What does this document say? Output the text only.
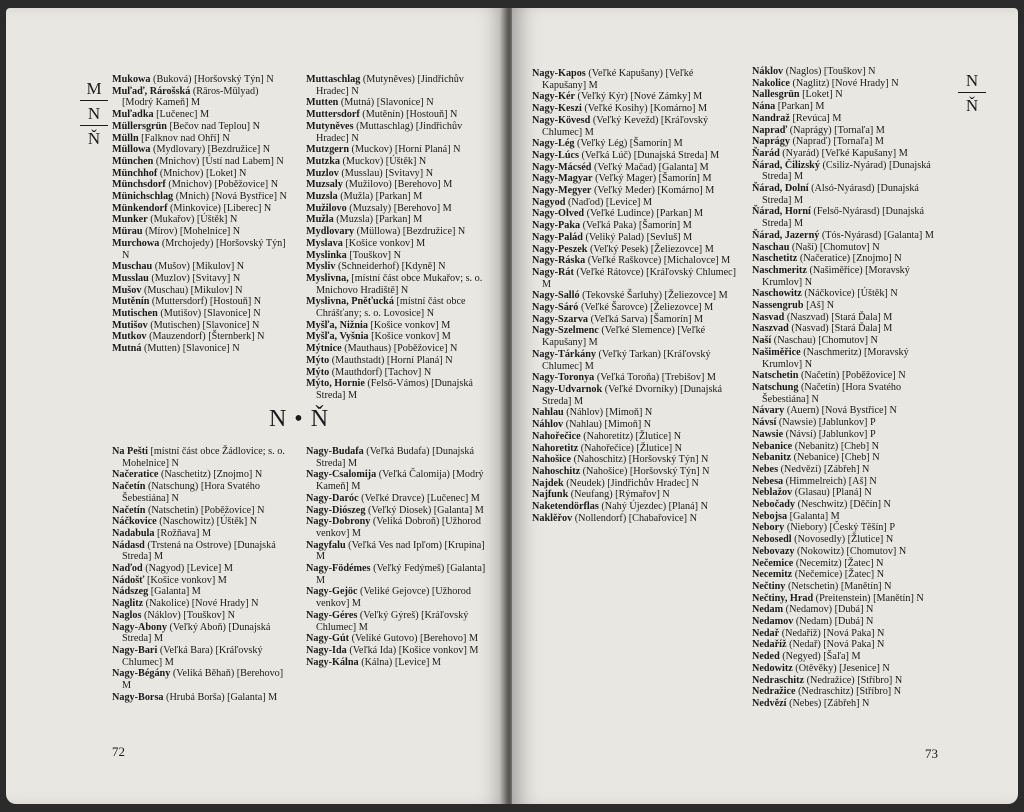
M
N
Ň

Mukowa (Buková) [Horšovský Týn] N

Muľaď, Rárošská (Rāros-Mūlyad) [Modrý Kameň] M

Muľadka [Lučenec] M

Müllersgrün [Bečov nad Teplou] N

Mülln [Falknov nad Ohří] N

Müllowa (Mydlovary) [Bezdružice] N

München (Mnichov) [Ústí nad Labem] N

Münchhof (Mnichov) [Loket] N

Münchsdorf (Mnichov) [Poběžovice] N

Münichschlag (Mnich) [Nová Bystřice] N

Münkendorf (Minkovice) [Liberec] N

Munker (Mukařov) [Úštěk] N

Mürau (Mírov) [Mohelnice] N

Murchowa (Mrchojedy) [Horšovský Týn] N

Muschau (Mušov) [Mikulov] N

Musslau (Muzlov) [Svitavy] N

Mušov (Muschau) [Mikulov] N

Mutěnín (Muttersdorf) [Hostouň] N

Mutischen (Mutišov) [Slavonice] N

Mutišov (Mutischen) [Slavonice] N

Mutkov (Mauzendorf) [Šternberk] N

Mutná (Mutten) [Slavonice] N

Muttaschlag (Mutyněves) [Jindřichův Hradec] N

Mutten (Mutná) [Slavonice] N

Muttersdorf (Mutěnín) [Hostouň] N

Mutyněves (Muttaschlag) [Jindřichův Hradec] N

Mutzgern (Muckov) [Horní Planá] N

Mutzka (Muckov) [Úštěk] N

Muzlov (Musslau) [Svitavy] N

Muzsaly (Mužilovo) [Berehovo] M

Muzsla (Mužla) [Parkan] M

Mužilovo (Muzsaly) [Berehovo] M

Mužla (Muzsla) [Parkan] M

Mydlovary (Müllowa) [Bezdružice] N

Myslava [Košice vonkov] M

Myslinka [Touškov] N

Mysliv (Schneiderhof) [Kdyně] N

Myslivna, [místní část obce Mukařov; s. o. Mnichovo Hradiště] N

Myslivna, Pněťucká [místní část obce Chrášťany; s. o. Lovosice] N

Myšľa, Nižnia [Košice vonkov] M

Myšľa, Vyšnia [Košice vonkov] M

Mýtnice (Mauthaus) [Poběžovice] N

Mýto (Mauthstadt) [Horní Planá] N

Mýto (Mauthdorf) [Tachov] N

Mýto, Hornie (Felső-Vámos) [Dunajská Streda] M

N • Ň

Na Pešti [místní část obce Žádlovice; s. o. Mohelnice] N

Načeratice (Naschetitz) [Znojmo] N

Načetín (Natschung) [Hora Svatého Šebestiána] N

Načetín (Natschetin) [Poběžovice] N

Náčkovice (Naschowitz) [Úštěk] N

Nadabula [Rožňava] M

Nádasd (Trstená na Ostrove) [Dunajská Streda] M

Naďod (Nagyod) [Levice] M

Nádošť [Košice vonkov] M

Nádszeg [Galanta] M

Naglitz (Nakolice) [Nové Hrady] N

Naglos (Náklov) [Touškov] N

Nagy-Abony (Veľký Aboň) [Dunajská Streda] M

Nagy-Bari (Veľká Bara) [Kráľovský Chlumec] M

Nagy-Bégány (Veliká Běhaň) [Berehovo] M

Nagy-Borsa (Hrubá Borša) [Galanta] M

Nagy-Budafa (Veľká Budafa) [Dunajská Streda] M

Nagy-Csalomija (Veľká Čalomija) [Modrý Kameň] M

Nagy-Daróc (Veľké Dravce) [Lučenec] M

Nagy-Diószeg (Veľký Diosek) [Galanta] M

Nagy-Dobrony (Veliká Dobroň) [Užhorod venkov] M

Nagyfalu (Veľká Ves nad Ipľom) [Krupina] M

Nagy-Födémes (Veľký Fedýmeš) [Galanta] M

Nagy-Gejöc (Veliké Gejovce) [Užhorod venkov] M

Nagy-Géres (Veľký Gýreš) [Kráľovský Chlumec] M

Nagy-Gút (Veliké Gutovo) [Berehovo] M

Nagy-Ida (Veľká Ida) [Košice vonkov] M

Nagy-Kálna (Kálna) [Levice] M

72

Nagy-Kapos (Veľké Kapušany) [Veľké Kapušany] M

Nagy-Kér (Veľký Kýr) [Nové Zámky] M

Nagy-Keszi (Veľké Kosihy) [Komárno] M

Nagy-Kövesd (Veľký Kevežd) [Kráľovský Chlumec] M

Nagy-Lég (Veľký Lég) [Šamorín] M

Nagy-Lúcs (Veľká Lúč) [Dunajská Streda] M

Nagy-Mácséd (Veľký Mačad) [Galanta] M

Nagy-Magyar (Veľký Mager) [Šamorín] M

Nagy-Megyer (Veľký Meder) [Komárno] M

Nagyod (Naďod) [Levice] M

Nagy-Olved (Veľké Ludince) [Parkan] M

Nagy-Paka (Veľká Paka) [Šamorín] M

Nagy-Palád (Veliký Palad) [Sevluš] M

Nagy-Peszek (Veľký Pesek) [Želiezovce] M

Nagy-Ráska (Veľké Raškovce) [Michalovce] M

Nagy-Rát (Veľké Rátovce) [Kráľovský Chlumec] M

Nagy-Salló (Tekovské Šarluhy) [Želiezovce] M

Nagy-Sáró (Veľké Šarovce) [Želiezovce] M

Nagy-Szarva (Veľká Sarva) [Šamorín] M

Nagy-Szelmenc (Veľké Slemence) [Veľké Kapušany] M

Nagy-Tárkány (Veľký Tarkan) [Kráľovský Chlumec] M

Nagy-Toronya (Veľká Toroňa) [Trebišov] M

Nagy-Udvarnok (Veľké Dvorníky) [Dunajská Streda] M

Nahlau (Náhlov) [Mimoň] N

Náhlov (Nahlau) [Mimoň] N

Nahořečice (Nahoretitz) [Žlutice] N

Nahoretitz (Nahořečice) [Žlutice] N

Nahošice (Nahoschitz) [Horšovský Týn] N

Nahoschitz (Nahošice) [Horšovský Týn] N

Najdek (Neudek) [Jindřichův Hradec] N

Najfunk (Neufang) [Rýmařov] N

Naketendörflas (Nahý Újezdec) [Planá] N

Naklěřov (Nollendorf) [Chabařovice] N

Náklov (Naglos) [Touškov] N

Nakolice (Naglitz) [Nové Hrady] N

Nallesgrün [Loket] N

Nána [Parkan] M

Nandraž [Revúca] M

Napraď (Naprágy) [Tornaľa] M

Naprágy (Napraď) [Tornaľa] M

Ňarád (Nyarád) [Veľké Kapušany] M

Ňárad, Čilizský (Csiliz-Nyárad) [Dunajská Streda] M

Ňárad, Dolní (Alsó-Nyárasd) [Dunajská Streda] M

Ňárad, Horní (Felső-Nyárasd) [Dunajská Streda] M

Ňárad, Jazerný (Tós-Nyárasd) [Galanta] M

Naschau (Naší) [Chomutov] N

Naschetitz (Načeratice) [Znojmo] N

Naschmeritz (Našiměřice) [Moravský Krumlov] N

Naschowitz (Náčkovice) [Úštěk] N

Nassengrub [Aš] N

Nasvad (Naszvad) [Stará Ďala] M

Naszvad (Nasvad) [Stará Ďala] M

Naší (Naschau) [Chomutov] N

Našiměřice (Naschmeritz) [Moravský Krumlov] N

Natschetin (Načetín) [Poběžovice] N

Natschung (Načetín) [Hora Svatého Šebestiána] N

Návary (Auern) [Nová Bystřice] N

Návsí (Nawsie) [Jablunkov] P

Nawsie (Návsí) [Jablunkov] P

Nebanice (Nebanitz) [Cheb] N

Nebanitz (Nebanice) [Cheb] N

Nebes (Nedvězí) [Zábřeh] N

Nebesa (Himmelreich) [Aš] N

Neblažov (Glasau) [Planá] N

Nebočady (Neschwitz) [Děčín] N

Nebojsa [Galanta] M

Nebory (Niebory) [Český Těšín] P

Nebosedl (Novosedly) [Žlutice] N

Nebovazy (Nokowitz) [Chomutov] N

Nečemice (Necemitz) [Žatec] N

Necemitz (Nečemice) [Žatec] N

Nečtiny (Netschetin) [Manětín] N

Nečtiny, Hrad (Preitenstein) [Manětín] N

Nedam (Nedamov) [Dubá] N

Nedamov (Nedam) [Dubá] N

Nedař (Nedaříž) [Nová Paka] N

Nedaříž (Nedař) [Nová Paka] N

Neded (Negyed) [Šaľa] M

Nedowitz (Otěvěky) [Jesenice] N

Nedraschitz (Nedražice) [Stříbro] N

Nedražice (Nedraschitz) [Stříbro] N

Nedvězí (Nebes) [Zábřeh] N

N
Ň
73
